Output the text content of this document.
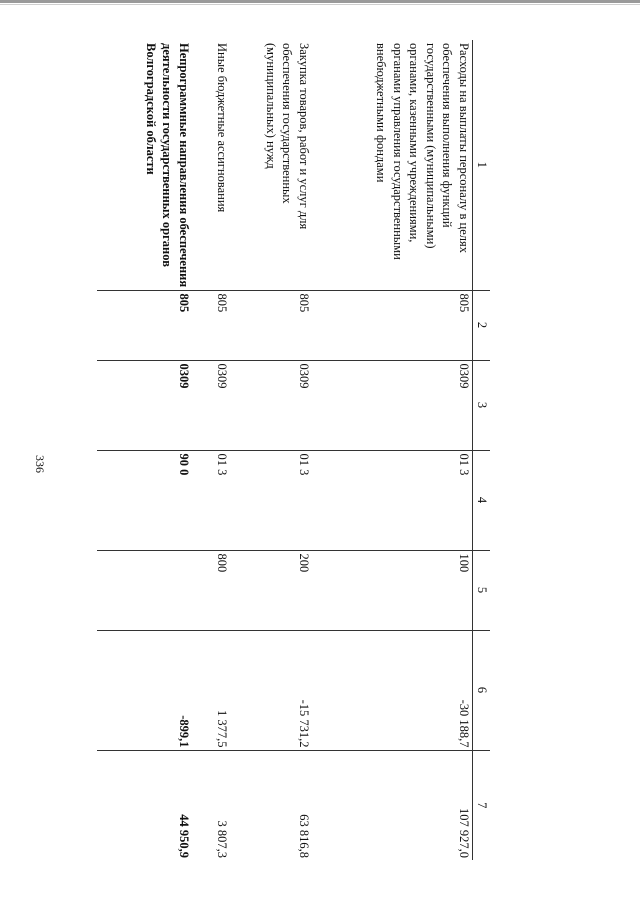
336
1	2	3	4	5	6	7
Расходы на выплаты персоналу в целях обеспечения выполнения функций государственными (муниципальными) органами, казенными учреждениями, органами управления государственными внебюджетными фондами	805	0309	01 3	100	-30 188,7	107 927,0
Закупка товаров, работ и услуг для обеспечения государственных (муниципальных) нужд	805	0309	01 3	200	-15 731,2	63 816,8
Иные бюджетные ассигнования	805	0309	01 3	800	1 377,5	3 807,3
Непрограммные направления обеспечения деятельности государственных органов Волгоградской области	805	0309	90 0		-899,1	44 950,9
